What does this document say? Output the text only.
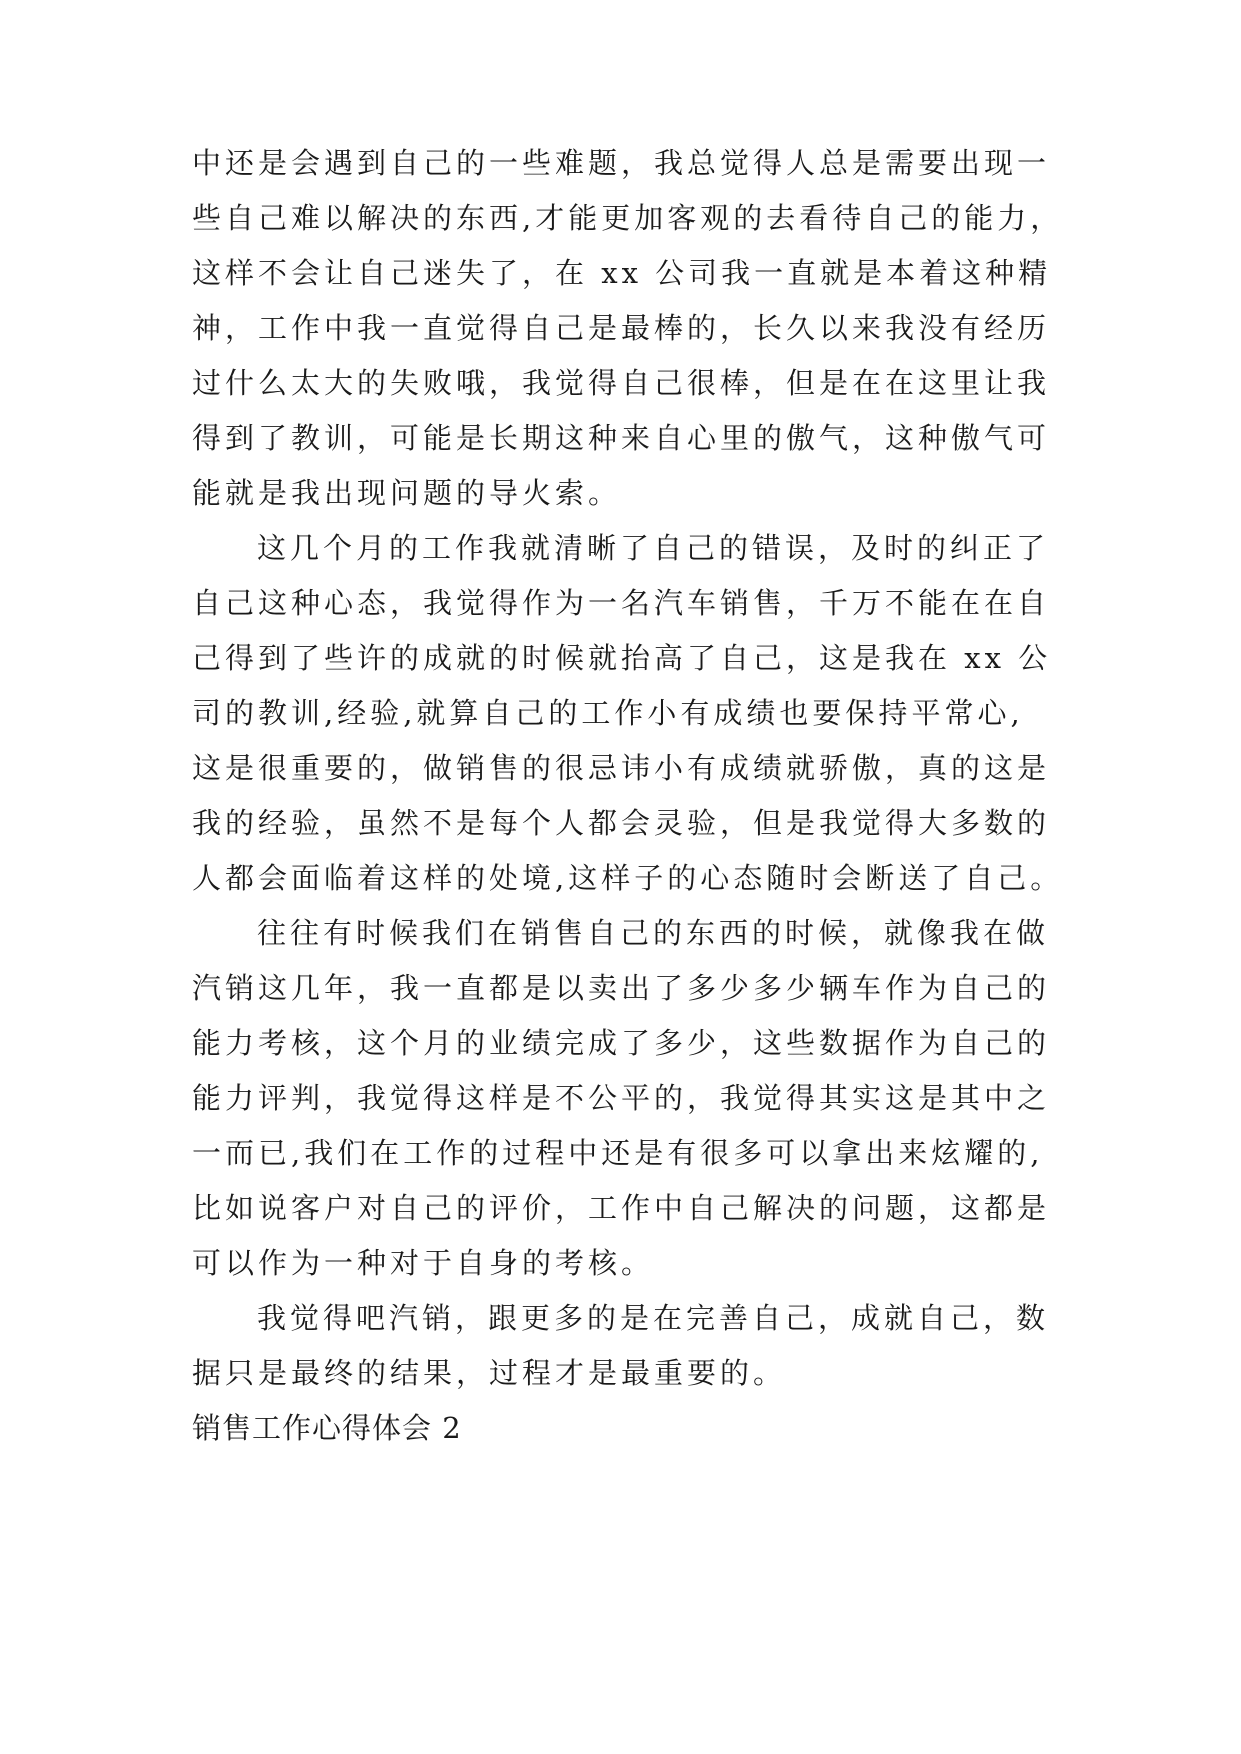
中还是会遇到自己的一些难题，我总觉得人总是需要出现一
些自己难以解决的东西,才能更加客观的去看待自己的能力，
这样不会让自己迷失了，在 xx 公司我一直就是本着这种精
神，工作中我一直觉得自己是最棒的，长久以来我没有经历
过什么太大的失败哦，我觉得自己很棒，但是在在这里让我
得到了教训，可能是长期这种来自心里的傲气，这种傲气可
能就是我出现问题的导火索。
这几个月的工作我就清晰了自己的错误，及时的纠正了
自己这种心态，我觉得作为一名汽车销售，千万不能在在自
己得到了些许的成就的时候就抬高了自己，这是我在 xx 公
司的教训,经验,就算自己的工作小有成绩也要保持平常心,
这是很重要的，做销售的很忌讳小有成绩就骄傲，真的这是
我的经验，虽然不是每个人都会灵验，但是我觉得大多数的
人都会面临着这样的处境,这样子的心态随时会断送了自己。
往往有时候我们在销售自己的东西的时候，就像我在做
汽销这几年，我一直都是以卖出了多少多少辆车作为自己的
能力考核，这个月的业绩完成了多少，这些数据作为自己的
能力评判，我觉得这样是不公平的，我觉得其实这是其中之
一而已,我们在工作的过程中还是有很多可以拿出来炫耀的,
比如说客户对自己的评价，工作中自己解决的问题，这都是
可以作为一种对于自身的考核。
我觉得吧汽销，跟更多的是在完善自己，成就自己，数
据只是最终的结果，过程才是最重要的。
销售工作心得体会 2
